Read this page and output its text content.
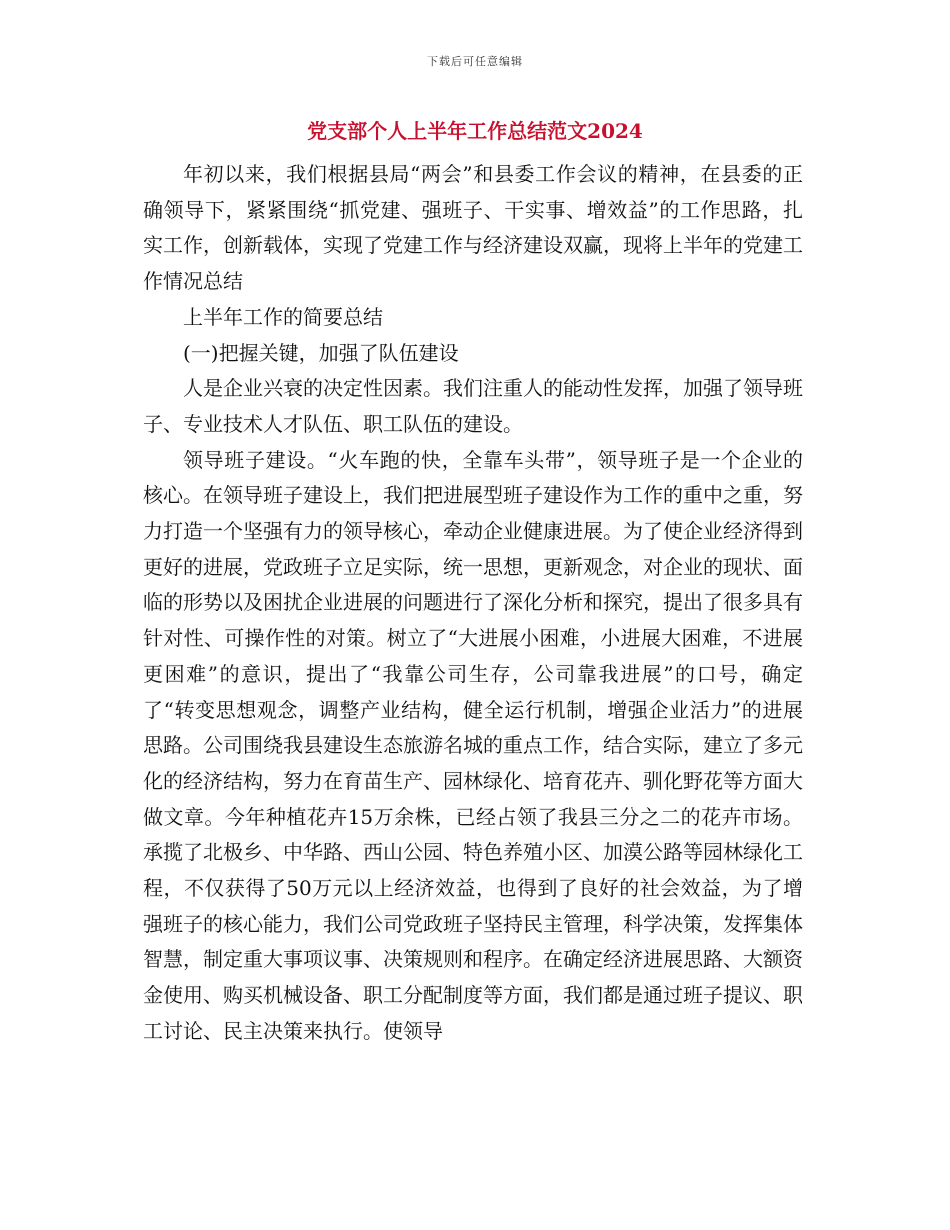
下载后可任意编辑
党支部个人上半年工作总结范文2024

年初以来，我们根据县局“两会”和县委工作会议的精神，在县委的正确领导下，紧紧围绕“抓党建、强班子、干实事、增效益”的工作思路，扎实工作，创新载体，实现了党建工作与经济建设双赢，现将上半年的党建工作情况总结

上半年工作的简要总结

(一)把握关键，加强了队伍建设

人是企业兴衰的决定性因素。我们注重人的能动性发挥，加强了领导班子、专业技术人才队伍、职工队伍的建设。

领导班子建设。“火车跑的快，全靠车头带”，领导班子是一个企业的核心。在领导班子建设上，我们把进展型班子建设作为工作的重中之重，努力打造一个坚强有力的领导核心，牵动企业健康进展。为了使企业经济得到更好的进展，党政班子立足实际，统一思想，更新观念，对企业的现状、面临的形势以及困扰企业进展的问题进行了深化分析和探究，提出了很多具有针对性、可操作性的对策。树立了“大进展小困难，小进展大困难，不进展更困难”的意识，提出了“我靠公司生存，公司靠我进展”的口号，确定了“转变思想观念，调整产业结构，健全运行机制，增强企业活力”的进展思路。公司围绕我县建设生态旅游名城的重点工作，结合实际，建立了多元化的经济结构，努力在育苗生产、园林绿化、培育花卉、驯化野花等方面大做文章。今年种植花卉15万余株，已经占领了我县三分之二的花卉市场。承揽了北极乡、中华路、西山公园、特色养殖小区、加漠公路等园林绿化工程，不仅获得了50万元以上经济效益，也得到了良好的社会效益，为了增强班子的核心能力，我们公司党政班子坚持民主管理，科学决策，发挥集体智慧，制定重大事项议事、决策规则和程序。在确定经济进展思路、大额资金使用、购买机械设备、职工分配制度等方面，我们都是通过班子提议、职工讨论、民主决策来执行。使领导
